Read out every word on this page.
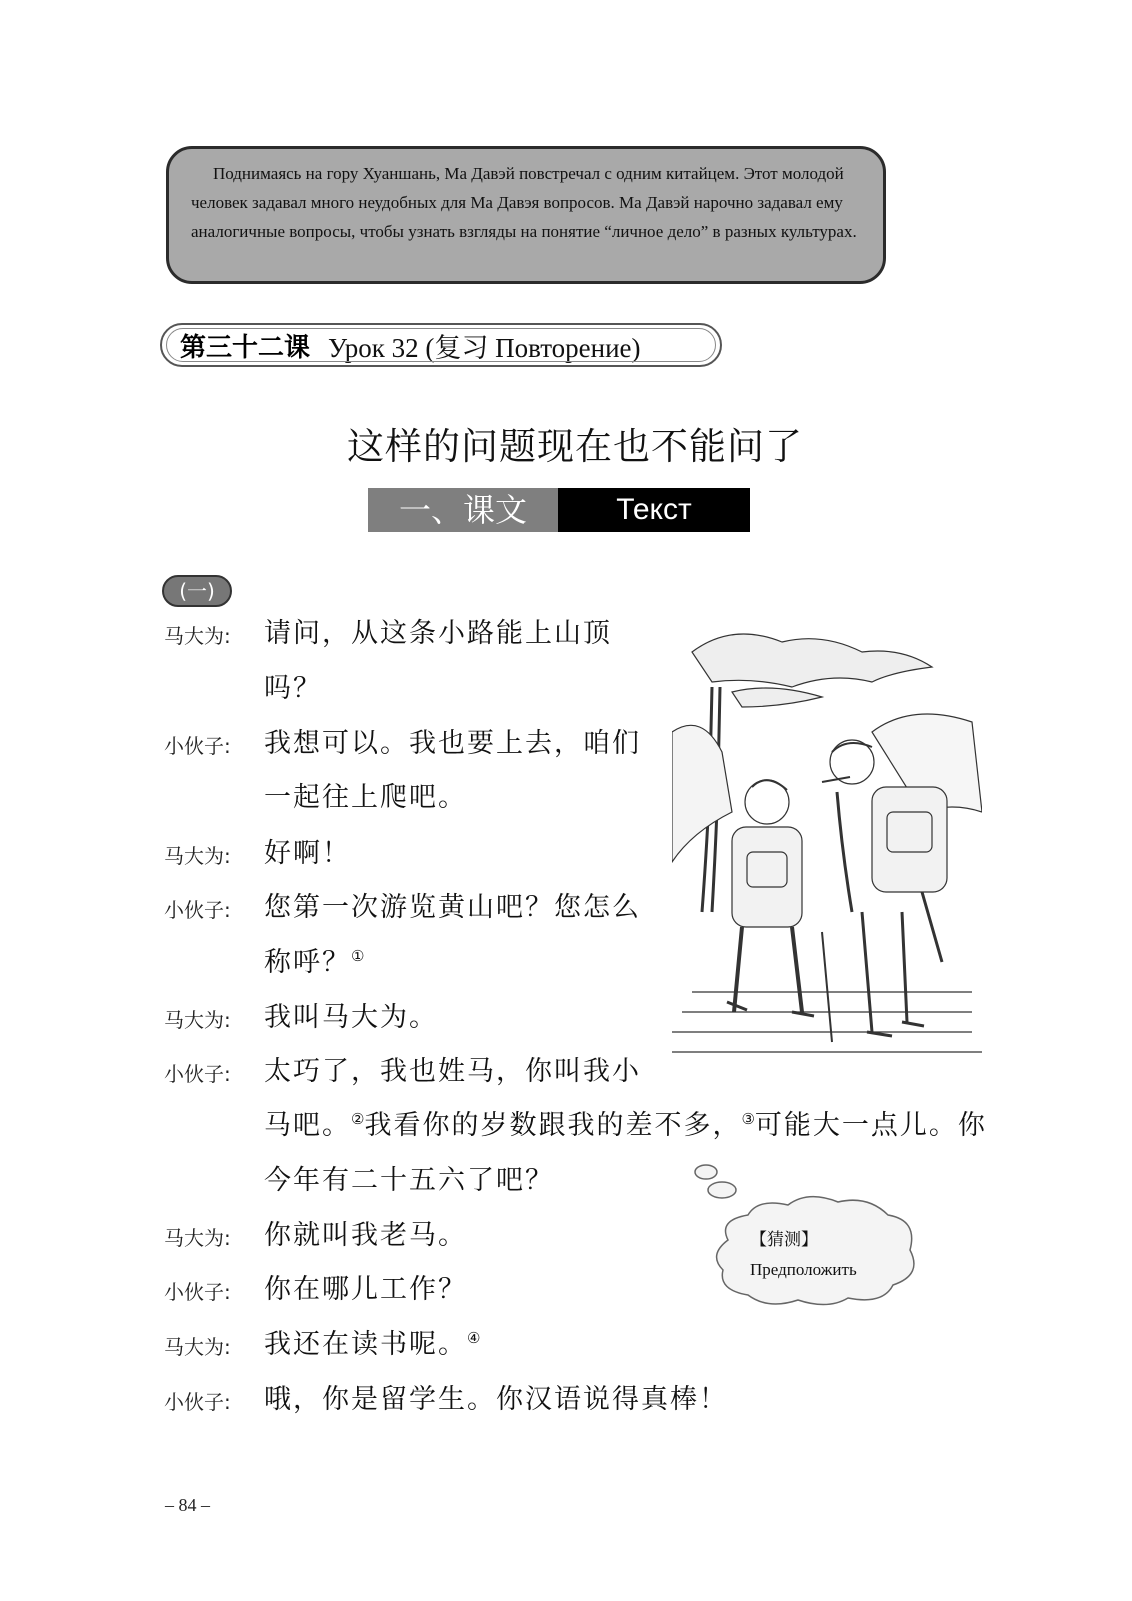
Поднимаясь на гору Хуаншань, Ма Давэй повстречал с одним китайцем. Этот молодой человек задавал много неудобных для Ма Давэя вопросов. Ма Давэй нарочно задавал ему аналогичные вопросы, чтобы узнать взгляды на понятие “личное дело” в разных культурах.

第三十二课 Урок 32 (复习 Повторение)
这样的问题现在也不能问了
一、课文	Текст
(一)
马大为: 请问，从这条小路能上山顶
吗？
小伙子: 我想可以。我也要上去，咱们
一起往上爬吧。
马大为: 好啊！
小伙子: 您第一次游览黄山吧？您怎么
称呼？①
马大为: 我叫马大为。
小伙子: 太巧了，我也姓马，你叫我小
马吧。②我看你的岁数跟我的差不多，③可能大一点儿。你
今年有二十五六了吧？
马大为: 你就叫我老马。
小伙子: 你在哪儿工作？
马大为: 我还在读书呢。④
小伙子: 哦，你是留学生。你汉语说得真棒！
【猜测】
Предположить
– 84 –
